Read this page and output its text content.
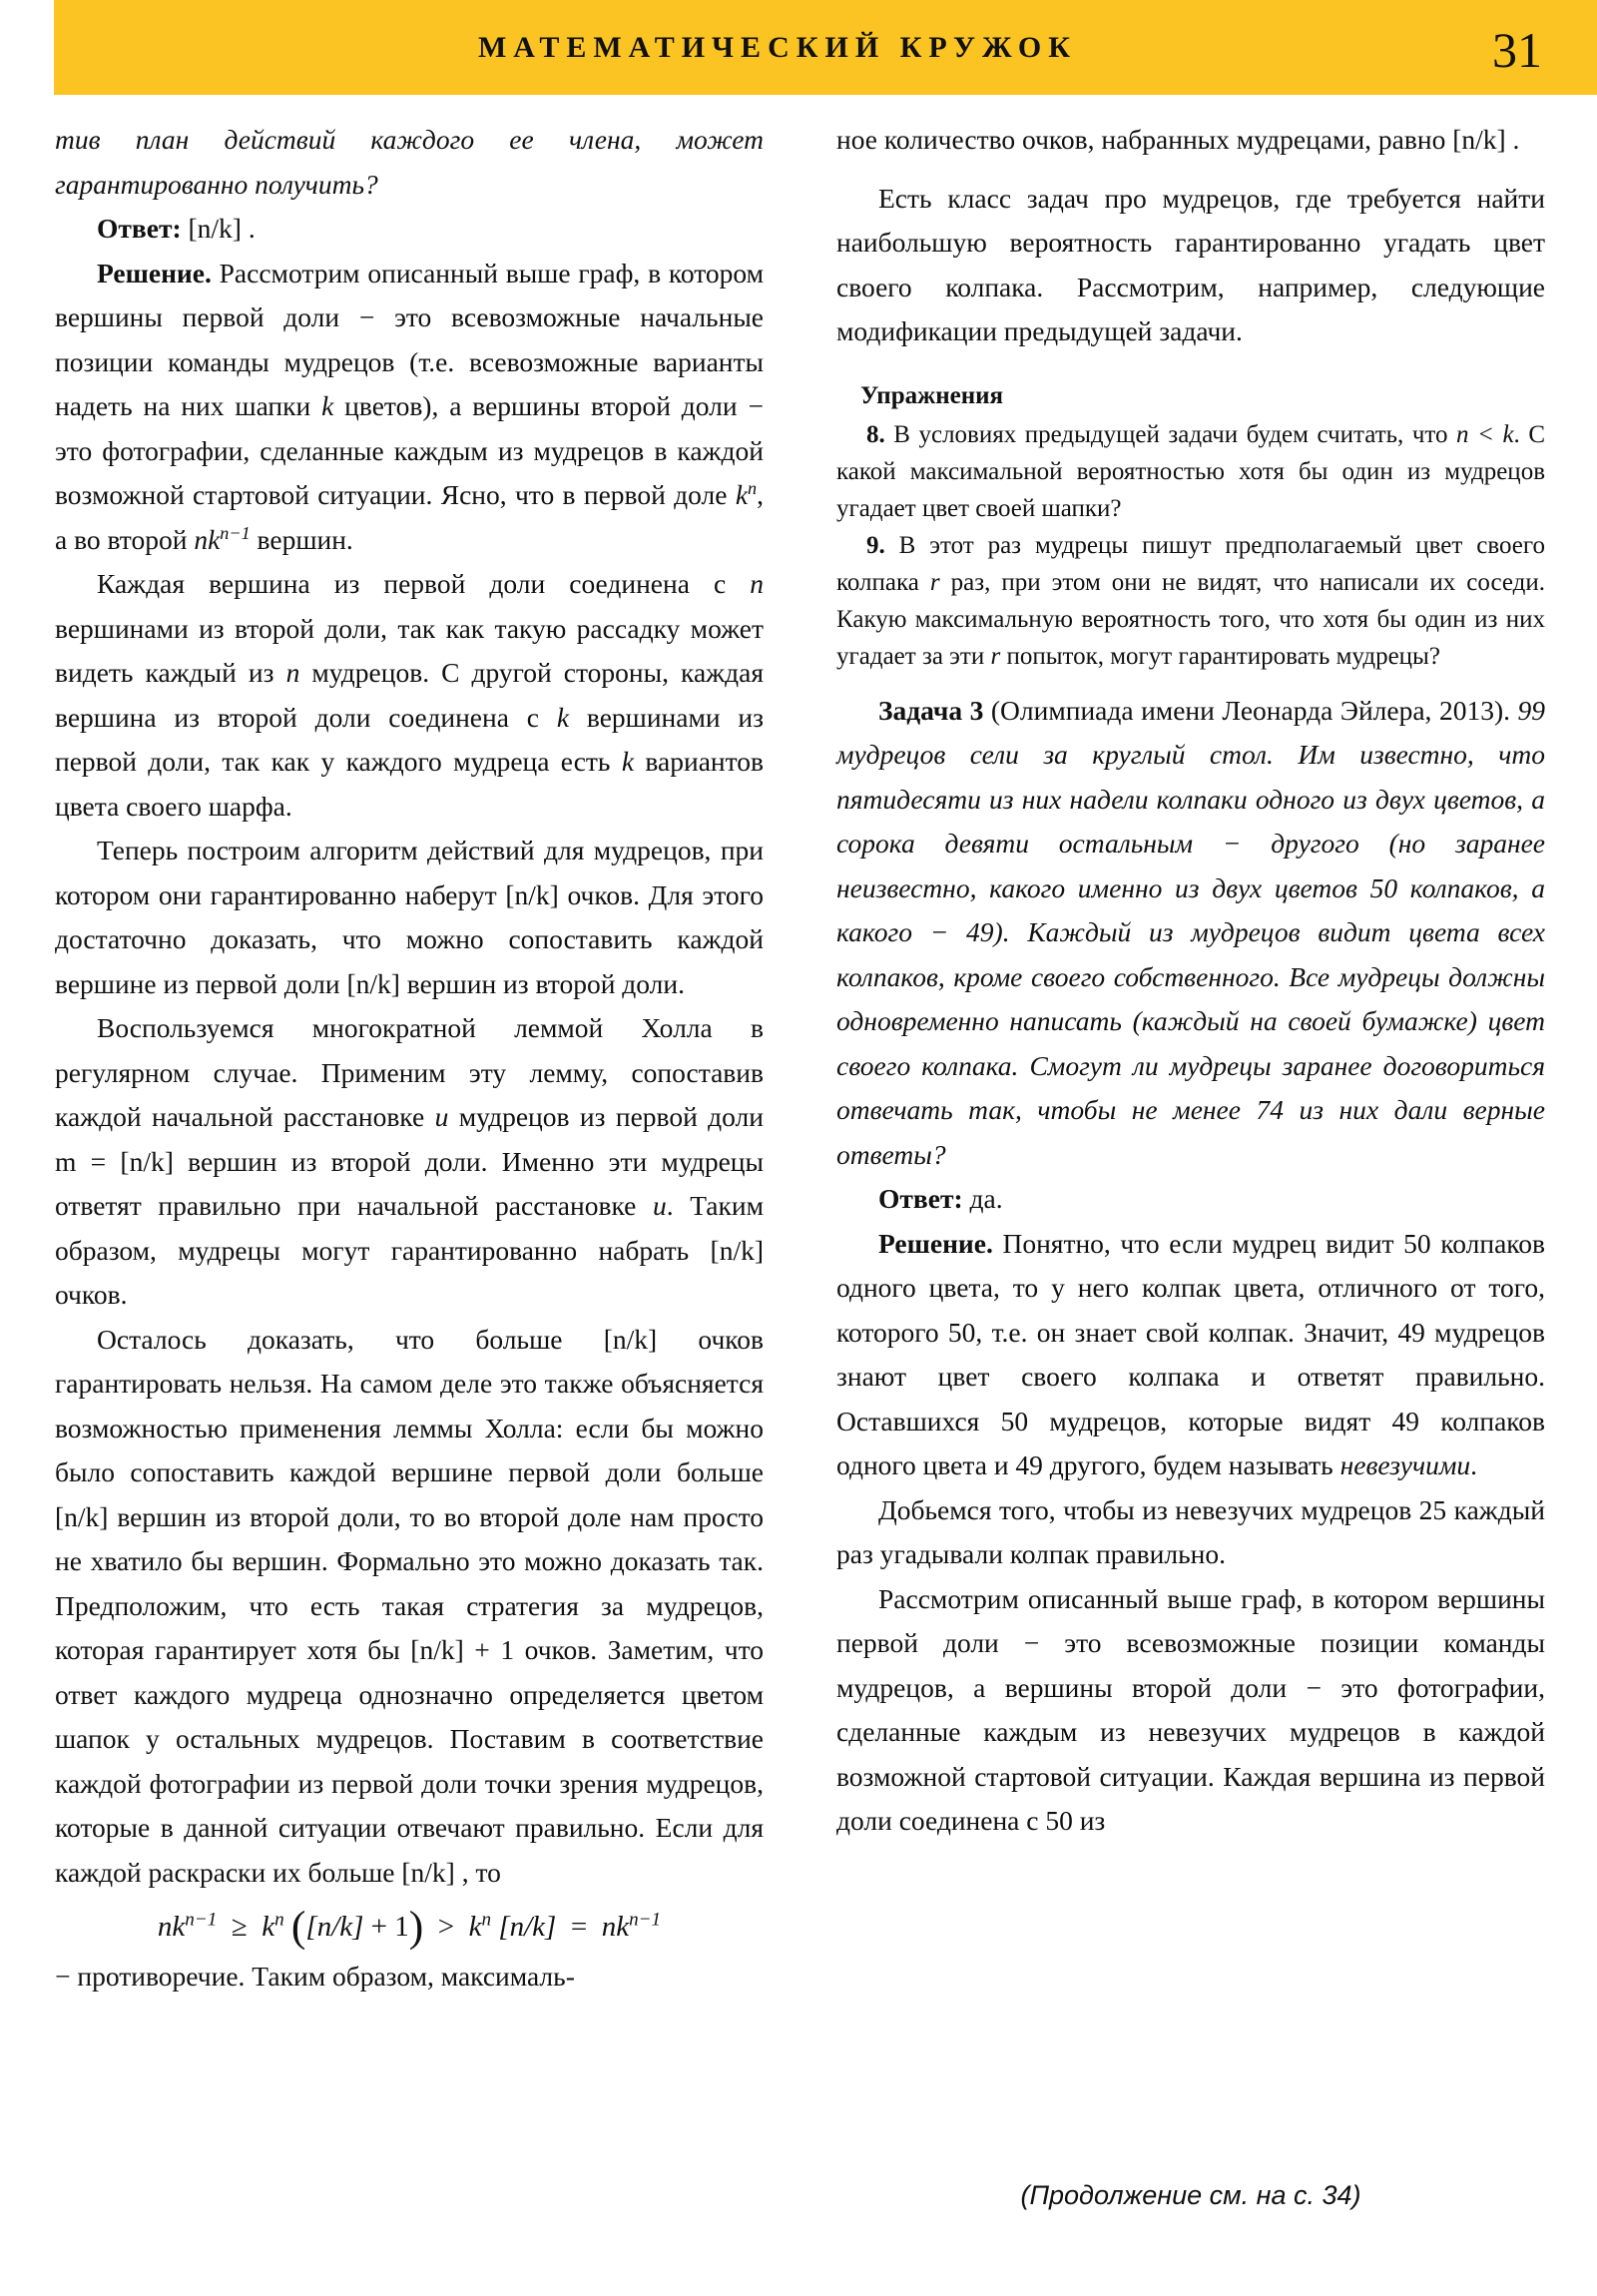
МАТЕМАТИЧЕСКИЙ КРУЖОК	31

тив план действий каждого ее члена, может гарантированно получить?

Ответ: [n/k] .

Решение. Рассмотрим описанный выше граф, в котором вершины первой доли − это всевозможные начальные позиции команды мудрецов (т.е. всевозможные варианты надеть на них шапки k цветов), а вершины второй доли − это фотографии, сделанные каждым из мудрецов в каждой возможной стартовой ситуации. Ясно, что в первой доле $k^n$, а во второй $nk^{n-1}$ вершин.

Каждая вершина из первой доли соединена с n вершинами из второй доли, так как такую рассадку может видеть каждый из n мудрецов. С другой стороны, каждая вершина из второй доли соединена с k вершинами из первой доли, так как у каждого мудреца есть k вариантов цвета своего шарфа.

Теперь построим алгоритм действий для мудрецов, при котором они гарантированно наберут [n/k] очков. Для этого достаточно доказать, что можно сопоставить каждой вершине из первой доли [n/k] вершин из второй доли.

Воспользуемся многократной леммой Холла в регулярном случае. Применим эту лемму, сопоставив каждой начальной расстановке u мудрецов из первой доли m = [n/k] вершин из второй доли. Именно эти мудрецы ответят правильно при начальной расстановке u. Таким образом, мудрецы могут гарантированно набрать [n/k] очков.

Осталось доказать, что больше [n/k] очков гарантировать нельзя. На самом деле это также объясняется возможностью применения леммы Холла: если бы можно было сопоставить каждой вершине первой доли больше [n/k] вершин из второй доли, то во второй доле нам просто не хватило бы вершин. Формально это можно доказать так. Предположим, что есть такая стратегия за мудрецов, которая гарантирует хотя бы [n/k] + 1 очков. Заметим, что ответ каждого мудреца однозначно определяется цветом шапок у остальных мудрецов. Поставим в соответствие каждой фотографии из первой доли точки зрения мудрецов, которые в данной ситуации отвечают правильно. Если для каждой раскраски их больше [n/k] , то

$nk^{n-1} \ge k^n$ $([n/k] + 1) > k^n$ $[n/k] = nk^{n-1}$

− противоречие. Таким образом, максималь-

ное количество очков, набранных мудрецами, равно [n/k] .

Есть класс задач про мудрецов, где требуется найти наибольшую вероятность гарантированно угадать цвет своего колпака. Рассмотрим, например, следующие модификации предыдущей задачи.

Упражнения

8. В условиях предыдущей задачи будем считать, что n < k. С какой максимальной вероятностью хотя бы один из мудрецов угадает цвет своей шапки?

9. В этот раз мудрецы пишут предполагаемый цвет своего колпака r раз, при этом они не видят, что написали их соседи. Какую максимальную вероятность того, что хотя бы один из них угадает за эти r попыток, могут гарантировать мудрецы?

Задача 3 (Олимпиада имени Леонарда Эйлера, 2013). 99 мудрецов сели за круглый стол. Им известно, что пятидесяти из них надели колпаки одного из двух цветов, а сорока девяти остальным − другого (но заранее неизвестно, какого именно из двух цветов 50 колпаков, а какого − 49). Каждый из мудрецов видит цвета всех колпаков, кроме своего собственного. Все мудрецы должны одновременно написать (каждый на своей бумажке) цвет своего колпака. Смогут ли мудрецы заранее договориться отвечать так, чтобы не менее 74 из них дали верные ответы?

Ответ: да.

Решение. Понятно, что если мудрец видит 50 колпаков одного цвета, то у него колпак цвета, отличного от того, которого 50, т.е. он знает свой колпак. Значит, 49 мудрецов знают цвет своего колпака и ответят правильно. Оставшихся 50 мудрецов, которые видят 49 колпаков одного цвета и 49 другого, будем называть невезучими.

Добьемся того, чтобы из невезучих мудрецов 25 каждый раз угадывали колпак правильно.

Рассмотрим описанный выше граф, в котором вершины первой доли − это всевозможные позиции команды мудрецов, а вершины второй доли − это фотографии, сделанные каждым из невезучих мудрецов в каждой возможной стартовой ситуации. Каждая вершина из первой доли соединена с 50 из

(Продолжение см. на с. 34)
